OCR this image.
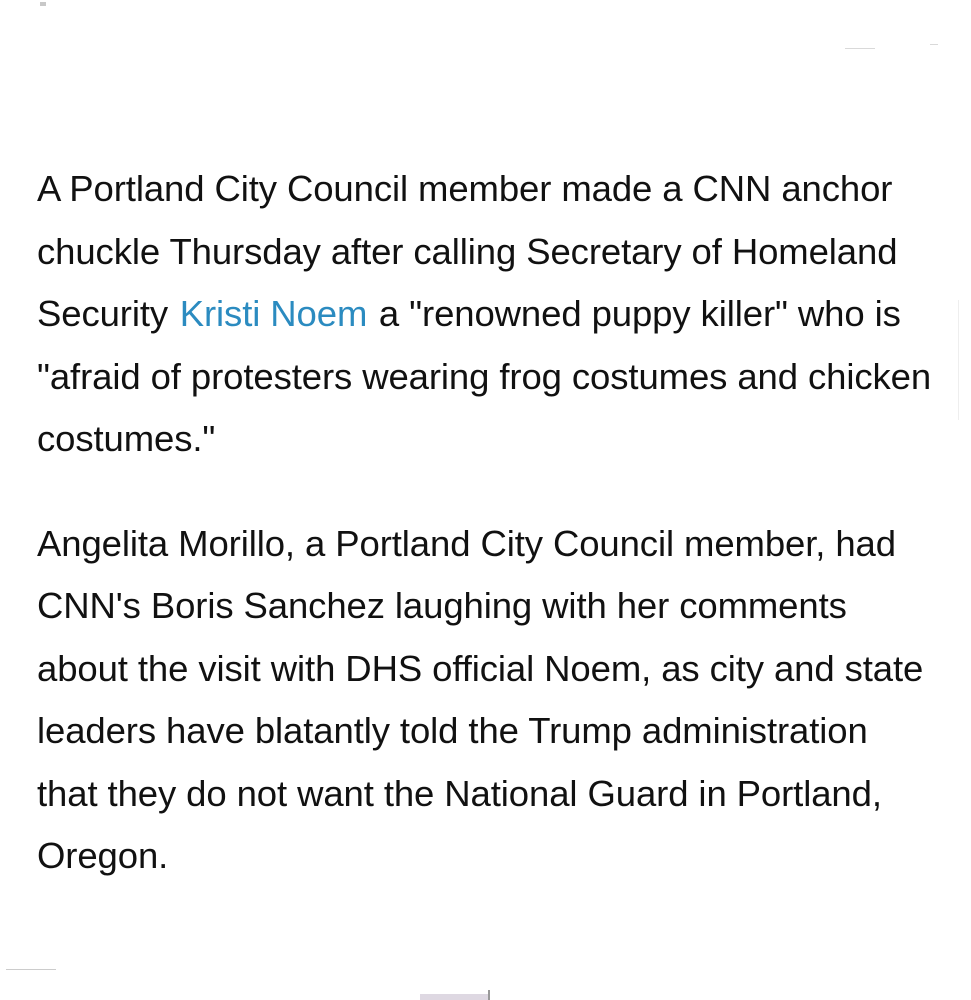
A Portland City Council member made a CNN anchor chuckle Thursday after calling Secretary of Homeland Security Kristi Noem a "renowned puppy killer" who is "afraid of protesters wearing frog costumes and chicken costumes."

Angelita Morillo, a Portland City Council member, had CNN's Boris Sanchez laughing with her comments about the visit with DHS official Noem, as city and state leaders have blatantly told the Trump administration that they do not want the National Guard in Portland, Oregon.
